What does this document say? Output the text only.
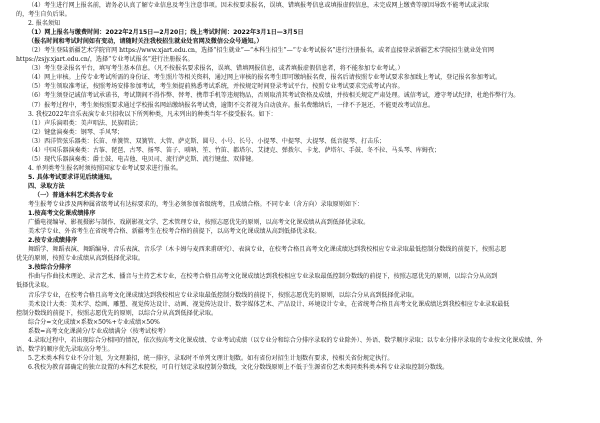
（4）考生进行网上报名前，请务必认真了解专业信息及考生注意事项。因未按要求报名，误填、错填报考信息或填报虚假信息，未完成网上缴费等原因导致不能考试或录取
的，考生自负后果。
2. 报名须知
（1）网上报名与缴费时间：2022年2月15日—2月20日；线上考试时间：2022年3月1日—3月5日
（报名时间和考试时间如有变动，请随时关注我校招生就业处官网及微信公众号通知。）
（2）考生登陆新疆艺术学院官网 https://www.xjart.edu.cn，选择“招生就业”—“本科生招生”—“专业考试报名”进行注册报名，或者直接登录新疆艺术学院招生就业处官网
https://zsjy.xjart.edu.cn/，选择“专业考试报名”进行注册报名。
（3）考生登录报名平台，填写考生基本信息。（凡不按报名要求报名，误填、错填网报信息，或者填报虚假信息者，将不能参加专业考试。）
（4）网上审核。上传专业考试所需的身份证、考生照片等相关资料，通过网上审核的报名考生即可缴纳报名费，报名后请按照专业考试要求参加线上考试，登记报名参加考试。
（5）考生领取准考证，按照考场安排参加考试，考生须提前熟悉考试系统，并按规定时间登录考试平台，按照专业考试要求完成考试内容。
（6）考生须登记诚信考试承诺书，考试期间不得作弊、替考、携带手机等违规物品，否则取消其考试资格及成绩，并按相关规定严肃处理。诚信考试，遵守考试纪律，杜绝作弊行为。
（7）报考过程中，考生须按照要求通过学校报名网站缴纳报名考试费，逾期不交者视为自动放弃。报名费缴纳后，一律不予退还，不能更改考试信息。
3. 我校2022年音乐表演专业只招收以下所列种类，凡未列出的种类当年不接受报名。如下：
（1）声乐演唱类：美声唱法、民族唱法；
（2）键盘演奏类：钢琴、手风琴；
（3）西洋管弦乐器类：长笛、单簧管、双簧管、大管、萨克斯、圆号、小号、长号、小提琴、中提琴、大提琴、低音提琴、打击乐；
（4）中国乐器演奏类：古筝、琵琶、古琴、扬琴、笛子、唢呐、笙、竹笛、都塔尔、艾捷克、弹拨尔、卡龙、萨塔尔、手鼓、冬不拉、马头琴、库姆孜；
（5）现代乐器演奏类：爵士鼓、电吉他、电贝司、流行萨克斯、流行键盘、双排键。
4. 单列类考生报名时须按照国家专业考试要求进行报名。
5. 具体考试要求详见后续通知。
四、录取方法
（一）普通本科艺术类各专业
考生报考专业涉及两种属省级考试有达标要求的，考生必须参加省级统考，且成绩合格。不同专业（含方向）录取原则如下：
1.按高考文化课成绩排序
广播电视编导、影视摄影与制作、戏剧影视文学、艺术管理专业，按照志愿优先的原则，以高考文化课成绩从高到低择优录取。
美术学专业、外省考生在省统考合格、新疆考生在校考合格的前提下，以高考文化课成绩从高到低择优录取。
2.按专业成绩排序
舞蹈学、舞蹈表演、舞蹈编导、音乐表演、音乐学（木卡姆与麦西来甫研究）、表演专业，在校考合格且高考文化课成绩达到我校相应专业录取最低控制分数线的前提下，按照志愿
优先的原则，按照专业成绩从高到低择优录取。
3.按综合分排序
作曲与作曲技术理论、录音艺术、播音与主持艺术专业，在校考合格且高考文化课成绩达到我校相应专业录取最低控制分数线的前提下，按照志愿优先的原则，以综合分从高到
低择优录取。
音乐学专业，在校考合格且高考文化课成绩达到我校相应专业录取最低控制分数线的前提下，按照志愿优先的原则，以综合分从高到低择优录取。
美术设计大类：美术学、绘画、雕塑、视觉传达设计、动画、视觉传达设计、数字媒体艺术、产品设计、环境设计专业，在省统考合格且高考文化课成绩达到我校相应专业录取最低
控制分数线的前提下，按照志愿优先的原则，以综合分从高到低择优录取。
综合分=文化成绩×系数×50%+专业成绩×50%
系数=高考文化课满分/专业成绩满分（按考试校考）
4.录取过程中，若出现综合分相同的情况，依次按高考文化课成绩、专业考试成绩（以专业分和综合分排序录取的专业除外）、外语、数学顺序录取；以专业分排序录取的专业按文化课成绩、外
语、数学的顺序优先录取高分考生。
5.艺术类本科专业不分计划，为文理兼招，统一排序，录取时不单列文理计划数。如有省份对招生计划数有要求，按相关省份规定执行。
6.我校为教育部确定的独立设置的本科艺术院校，可自行划定录取控制分数线，文化分数线原则上不低于生源省份艺术类同类科类本科专业录取控制分数线。
